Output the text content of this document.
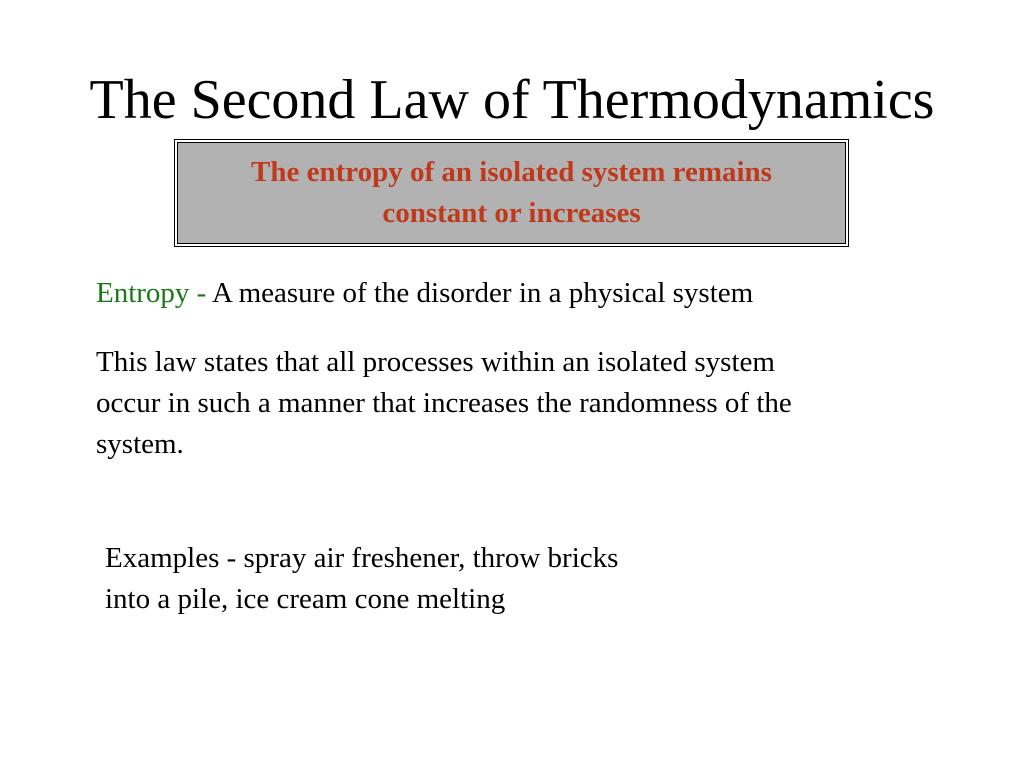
The Second Law of Thermodynamics
The entropy of an isolated system remains
constant or increases
Entropy - A measure of the disorder in a physical system
This law states that all processes within an isolated system
occur in such a manner that increases the randomness of the
system.
Examples - spray air freshener, throw bricks
into a pile, ice cream cone melting
